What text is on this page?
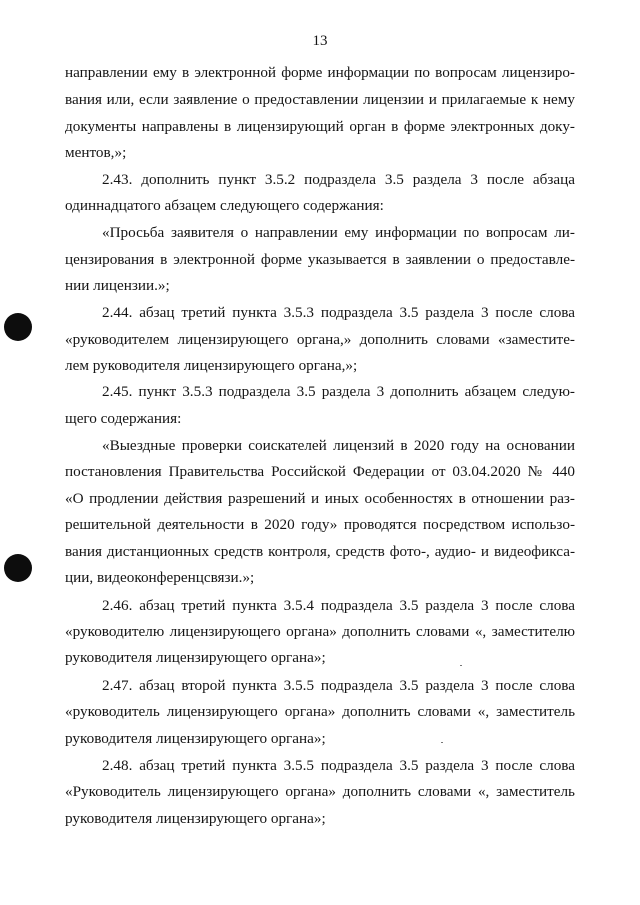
13
направлении ему в электронной форме информации по вопросам лицензиро-
вания или, если заявление о предоставлении лицензии и прилагаемые к нему
документы направлены в лицензирующий орган в форме электронных доку-
ментов,»;
2.43. дополнить пункт 3.5.2 подраздела 3.5 раздела 3 после абзаца
одиннадцатого абзацем следующего содержания:
«Просьба заявителя о направлении ему информации по вопросам ли-
цензирования в электронной форме указывается в заявлении о предоставле-
нии лицензии.»;
2.44. абзац третий пункта 3.5.3 подраздела 3.5 раздела 3 после слова
«руководителем лицензирующего органа,» дополнить словами «заместите-
лем руководителя лицензирующего органа,»;
2.45. пункт 3.5.3 подраздела 3.5 раздела 3 дополнить абзацем следую-
щего содержания:
«Выездные проверки соискателей лицензий в 2020 году на основании
постановления Правительства Российской Федерации от 03.04.2020 № 440
«О продлении действия разрешений и иных особенностях в отношении раз-
решительной деятельности в 2020 году» проводятся посредством использо-
вания дистанционных средств контроля, средств фото-, аудио- и видеофикса-
ции, видеоконференцсвязи.»;
2.46. абзац третий пункта 3.5.4 подраздела 3.5 раздела 3 после слова
«руководителю лицензирующего органа» дополнить словами «, заместителю
руководителя лицензирующего органа»;
2.47. абзац второй пункта 3.5.5 подраздела 3.5 раздела 3 после слова
«руководитель лицензирующего органа» дополнить словами «, заместитель
руководителя лицензирующего органа»;
2.48. абзац третий пункта 3.5.5 подраздела 3.5 раздела 3 после слова
«Руководитель лицензирующего органа» дополнить словами «, заместитель
руководителя лицензирующего органа»;
